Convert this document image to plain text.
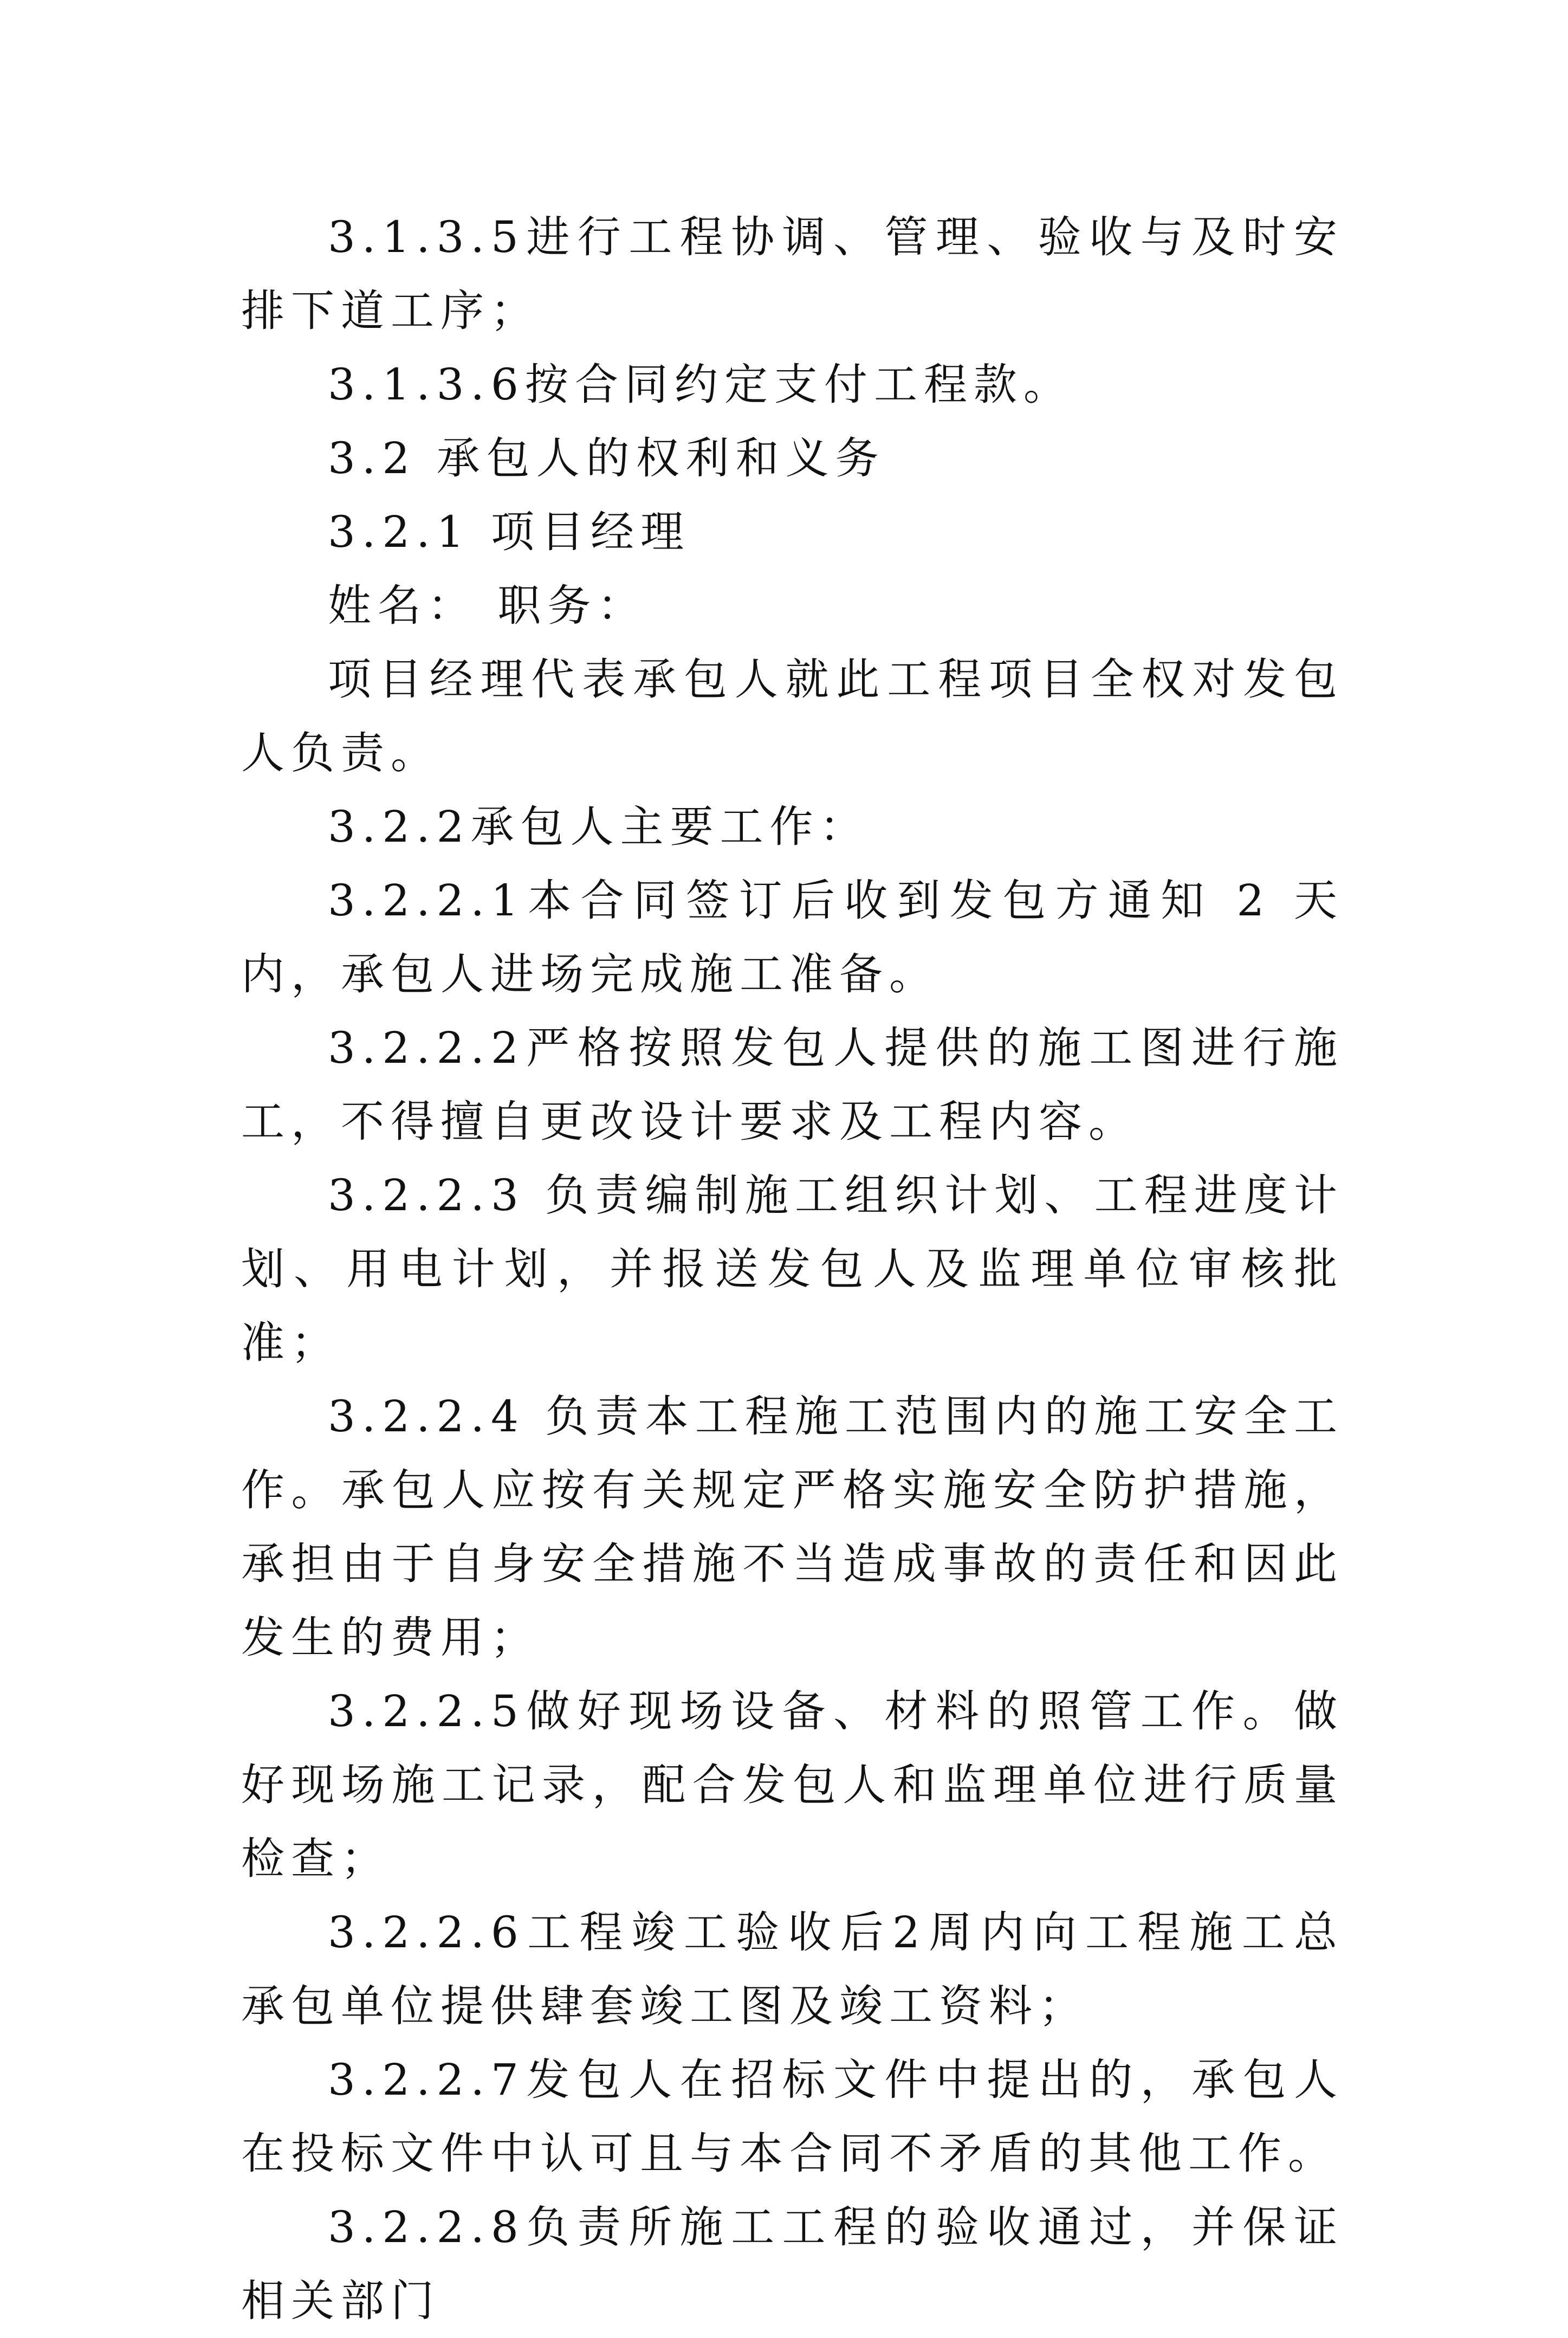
3.1.3.5进行工程协调、管理、验收与及时安排下道工序；

3.1.3.6按合同约定支付工程款。

3.2 承包人的权利和义务

3.2.1 项目经理

姓名： 职务：

项目经理代表承包人就此工程项目全权对发包人负责。

3.2.2承包人主要工作：

3.2.2.1本合同签订后收到发包方通知 2 天内，承包人进场完成施工准备。

3.2.2.2严格按照发包人提供的施工图进行施工，不得擅自更改设计要求及工程内容。

3.2.2.3 负责编制施工组织计划、工程进度计划、用电计划，并报送发包人及监理单位审核批准；

3.2.2.4 负责本工程施工范围内的施工安全工作。承包人应按有关规定严格实施安全防护措施，承担由于自身安全措施不当造成事故的责任和因此发生的费用；

3.2.2.5做好现场设备、材料的照管工作。做好现场施工记录，配合发包人和监理单位进行质量检查；

3.2.2.6工程竣工验收后2周内向工程施工总承包单位提供肆套竣工图及竣工资料；

3.2.2.7发包人在招标文件中提出的，承包人在投标文件中认可且与本合同不矛盾的其他工作。

3.2.2.8负责所施工工程的验收通过，并保证相关部门
